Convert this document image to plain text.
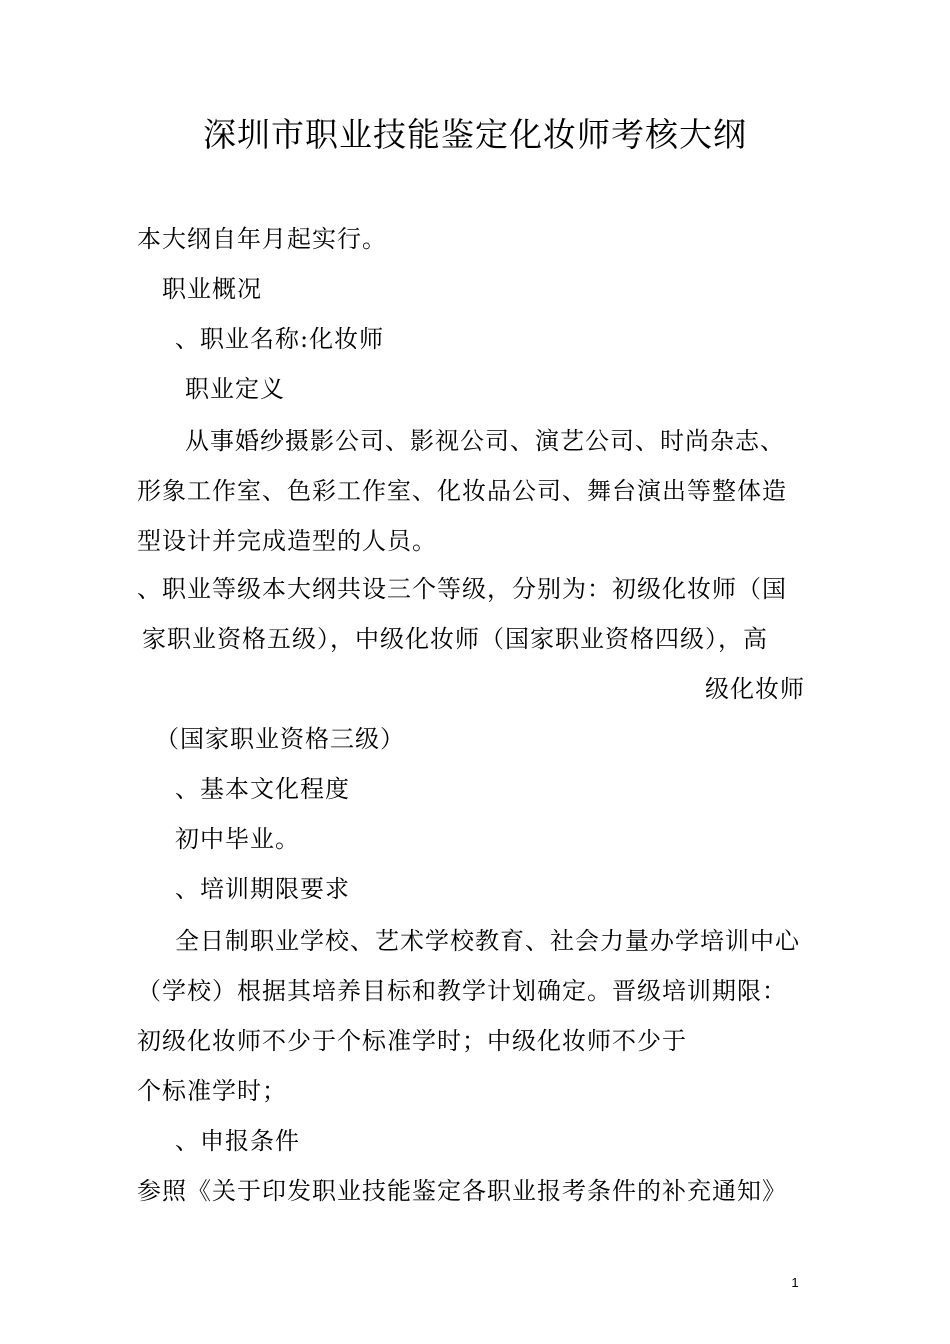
深圳市职业技能鉴定化妆师考核大纲
本大纲自年月起实行。
职业概况
、职业名称:化妆师
职业定义
从事婚纱摄影公司、影视公司、演艺公司、时尚杂志、
形象工作室、色彩工作室、化妆品公司、舞台演出等整体造
型设计并完成造型的人员。
、职业等级本大纲共设三个等级，分别为：初级化妆师（国
家职业资格五级），中级化妆师（国家职业资格四级），高
级化妆师
（国家职业资格三级）
、基本文化程度
初中毕业。
、培训期限要求
全日制职业学校、艺术学校教育、社会力量办学培训中心
（学校）根据其培养目标和教学计划确定。晋级培训期限：
初级化妆师不少于个标准学时；中级化妆师不少于
个标准学时；
、申报条件
参照《关于印发职业技能鉴定各职业报考条件的补充通知》
1
